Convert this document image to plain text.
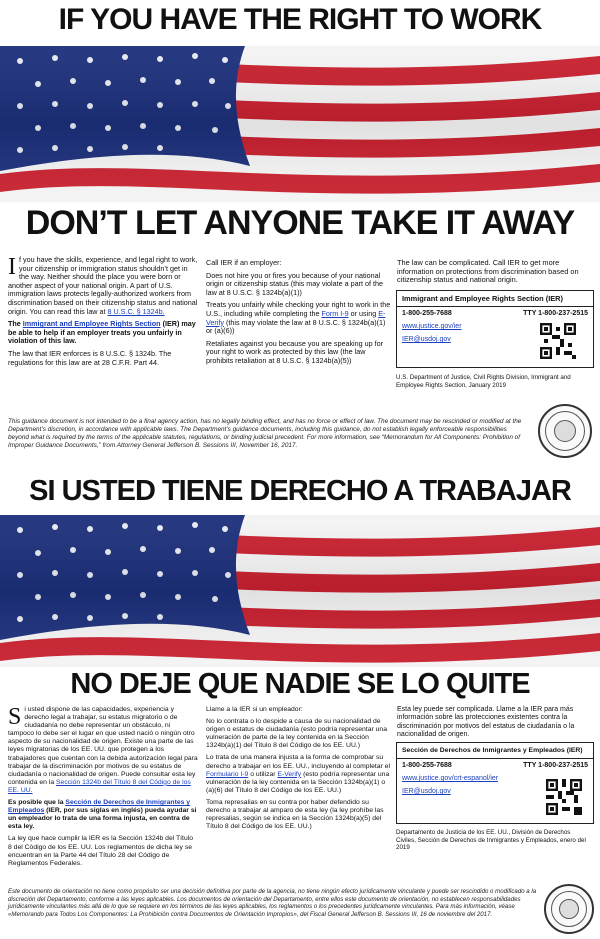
IF YOU HAVE THE RIGHT TO WORK
DON’T LET ANYONE TAKE IT AWAY

If you have the skills, experience, and legal right to work, your citizenship or immigration status shouldn’t get in the way. Neither should the place you were born or another aspect of your national origin. A part of U.S. immigration laws protects legally-authorized workers from discrimination based on their citizenship status and national origin. You can read this law at 8 U.S.C. § 1324b.

The Immigrant and Employee Rights Section (IER) may be able to help if an employer treats you unfairly in violation of this law.

The law that IER enforces is 8 U.S.C. § 1324b. The regulations for this law are at 28 C.F.R. Part 44.

Call IER if an employer:

Does not hire you or fires you because of your national origin or citizenship status (this may violate a part of the law at 8 U.S.C. § 1324b(a)(1))

Treats you unfairly while checking your right to work in the U.S., including while completing the Form I-9 or using E-Verify (this may violate the law at 8 U.S.C. § 1324b(a)(1) or (a)(6))

Retaliates against you because you are speaking up for your right to work as protected by this law (the law prohibits retaliation at 8 U.S.C. § 1324b(a)(5))

The law can be complicated. Call IER to get more information on protections from discrimination based on citizenship status and national origin.

Immigrant and Employee Rights Section (IER)
1-800-255-7688	TTY 1-800-237-2515
www.justice.gov/ier
IER@usdoj.gov
U.S. Department of Justice, Civil Rights Division, Immigrant and Employee Rights Section, January 2019
This guidance document is not intended to be a final agency action, has no legally binding effect, and has no force or effect of law. The document may be rescinded or modified at the Department’s discretion, in accordance with applicable laws. The Department’s guidance documents, including this guidance, do not establish legally enforceable responsibilities beyond what is required by the terms of the applicable statutes, regulations, or binding judicial precedent. For more information, see “Memorandum for All Components: Prohibition of Improper Guidance Documents,” from Attorney General Jefferson B. Sessions III, November 16, 2017.
SI USTED TIENE DERECHO A TRABAJAR
NO DEJE QUE NADIE SE LO QUITE

Si usted dispone de las capacidades, experiencia y derecho legal a trabajar, su estatus migratorio o de ciudadanía no debe representar un obstáculo, ni tampoco lo debe ser el lugar en que usted nació o ningún otro aspecto de su nacionalidad de origen. Existe una parte de las leyes migratorias de los EE. UU. que protegen a los trabajadores que cuentan con la debida autorización legal para trabajar de la discriminación por motivos de su estatus de ciudadanía o nacionalidad de origen. Puede consultar esta ley contenida en la Sección 1324b del Título 8 del Código de los EE. UU.

Es posible que la Sección de Derechos de Inmigrantes y Empleados (IER, por sus siglas en inglés) pueda ayudar si un empleador lo trata de una forma injusta, en contra de esta ley.

La ley que hace cumplir la IER es la Sección 1324b del Título 8 del Código de los EE. UU. Los reglamentos de dicha ley se encuentran en la Parte 44 del Título 28 del Código de Reglamentos Federales.

Llame a la IER si un empleador:

No lo contrata o lo despide a causa de su nacionalidad de origen o estatus de ciudadanía (esto podría representar una vulneración de parte de la ley contenida en la Sección 1324b(a)(1) del Título 8 del Código de los EE. UU.)

Lo trata de una manera injusta a la forma de comprobar su derecho a trabajar en los EE. UU., incluyendo al completar el Formulario I-9 o utilizar E-Verify (esto podría representar una vulneración de la ley contenida en la Sección 1324b(a)(1) o (a)(6) del Título 8 del Código de los EE. UU.)

Toma represalias en su contra por haber defendido su derecho a trabajar al amparo de esta ley (la ley prohíbe las represalias, según se indica en la Sección 1324b(a)(5) del Título 8 del Código de los EE. UU.)

Esta ley puede ser complicada. Llame a la IER para más información sobre las protecciones existentes contra la discriminación por motivos del estatus de ciudadanía o la nacionalidad de origen.

Sección de Derechos de Inmigrantes y Empleados (IER)
1-800-255-7688	TTY 1-800-237-2515
www.justice.gov/crt-espanol/ier
IER@usdoj.gov
Departamento de Justicia de los EE. UU., División de Derechos Civiles, Sección de Derechos de Inmigrantes y Empleados, enero del 2019
Este documento de orientación no tiene como propósito ser una decisión definitiva por parte de la agencia, no tiene ningún efecto jurídicamente vinculante y puede ser rescindido o modificado a la discreción del Departamento, conforme a las leyes aplicables. Los documentos de orientación del Departamento, entre ellos este documento de orientación, no establecen responsabilidades jurídicamente vinculantes más allá de lo que se requiere en los términos de las leyes aplicables, los reglamentos o los precedentes jurídicamente vinculantes. Para más información, véase «Memorando para Todos Los Componentes: La Prohibición contra Documentos de Orientación Impropios», del Fiscal General Jefferson B. Sessions III, 16 de noviembre del 2017.
